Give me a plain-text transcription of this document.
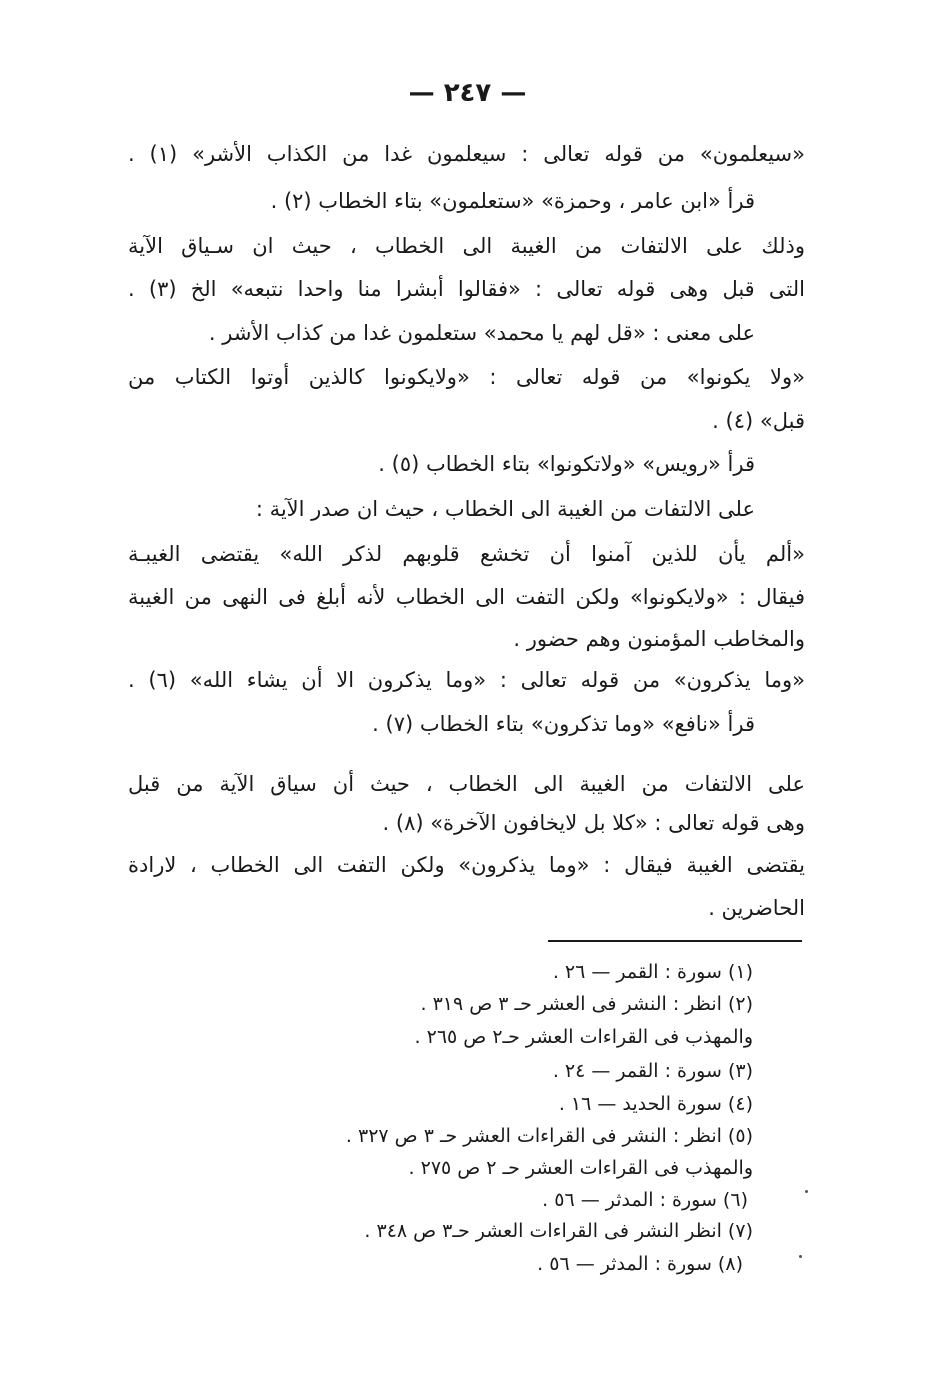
— ٢٤٧ —
«سيعلمون» من قوله تعالى : سيعلمون غدا من الكذاب الأشر» (١) .
قرأ «ابن عامر ، وحمزة» «ستعلمون» بتاء الخطاب (٢) .
وذلك على الالتفات من الغيبة الى الخطاب ، حيث ان سـياق الآية
التى قبل وهى قوله تعالى : «فقالوا أبشرا منا واحدا نتبعه» الخ (٣) .
على معنى : «قل لهم يا محمد» ستعلمون غدا من كذاب الأشر .
«ولا يكونوا» من قوله تعالى : «ولايكونوا كالذين أوتوا الكتاب من
قبل» (٤) .
قرأ «رويس» «ولاتكونوا» بتاء الخطاب (٥) .
على الالتفات من الغيبة الى الخطاب ، حيث ان صدر الآية :
«ألم يأن للذين آمنوا أن تخشع قلوبهم لذكر الله» يقتضى الغيبـة
فيقال : «ولايكونوا» ولكن التفت الى الخطاب لأنه أبلغ فى النهى من الغيبة
والمخاطب المؤمنون وهم حضور .
«وما يذكرون» من قوله تعالى : «وما يذكرون الا أن يشاء الله» (٦) .
قرأ «نافع» «وما تذكرون» بتاء الخطاب (٧) .
على الالتفات من الغيبة الى الخطاب ، حيث أن سياق الآية من قبل
وهى قوله تعالى : «كلا بل لايخافون الآخرة» (٨) .
يقتضى الغيبة فيقال : «وما يذكرون» ولكن التفت الى الخطاب ، لارادة
الحاضرين .
(١) سورة : القمر — ٢٦ .
(٢) انظر : النشر فى العشر حـ ٣ ص ٣١٩ .
والمهذب فى القراءات العشر حـ٢ ص ٢٦٥ .
(٣) سورة : القمر — ٢٤ .
(٤) سورة الحديد — ١٦ .
(٥) انظر : النشر فى القراءات العشر حـ ٣ ص ٣٢٧ .
والمهذب فى القراءات العشر حـ ٢ ص ٢٧٥ .
(٦) سورة : المدثر — ٥٦ .
(٧) انظر النشر فى القراءات العشر حـ٣ ص ٣٤٨ .
(٨) سورة : المدثر — ٥٦ .
